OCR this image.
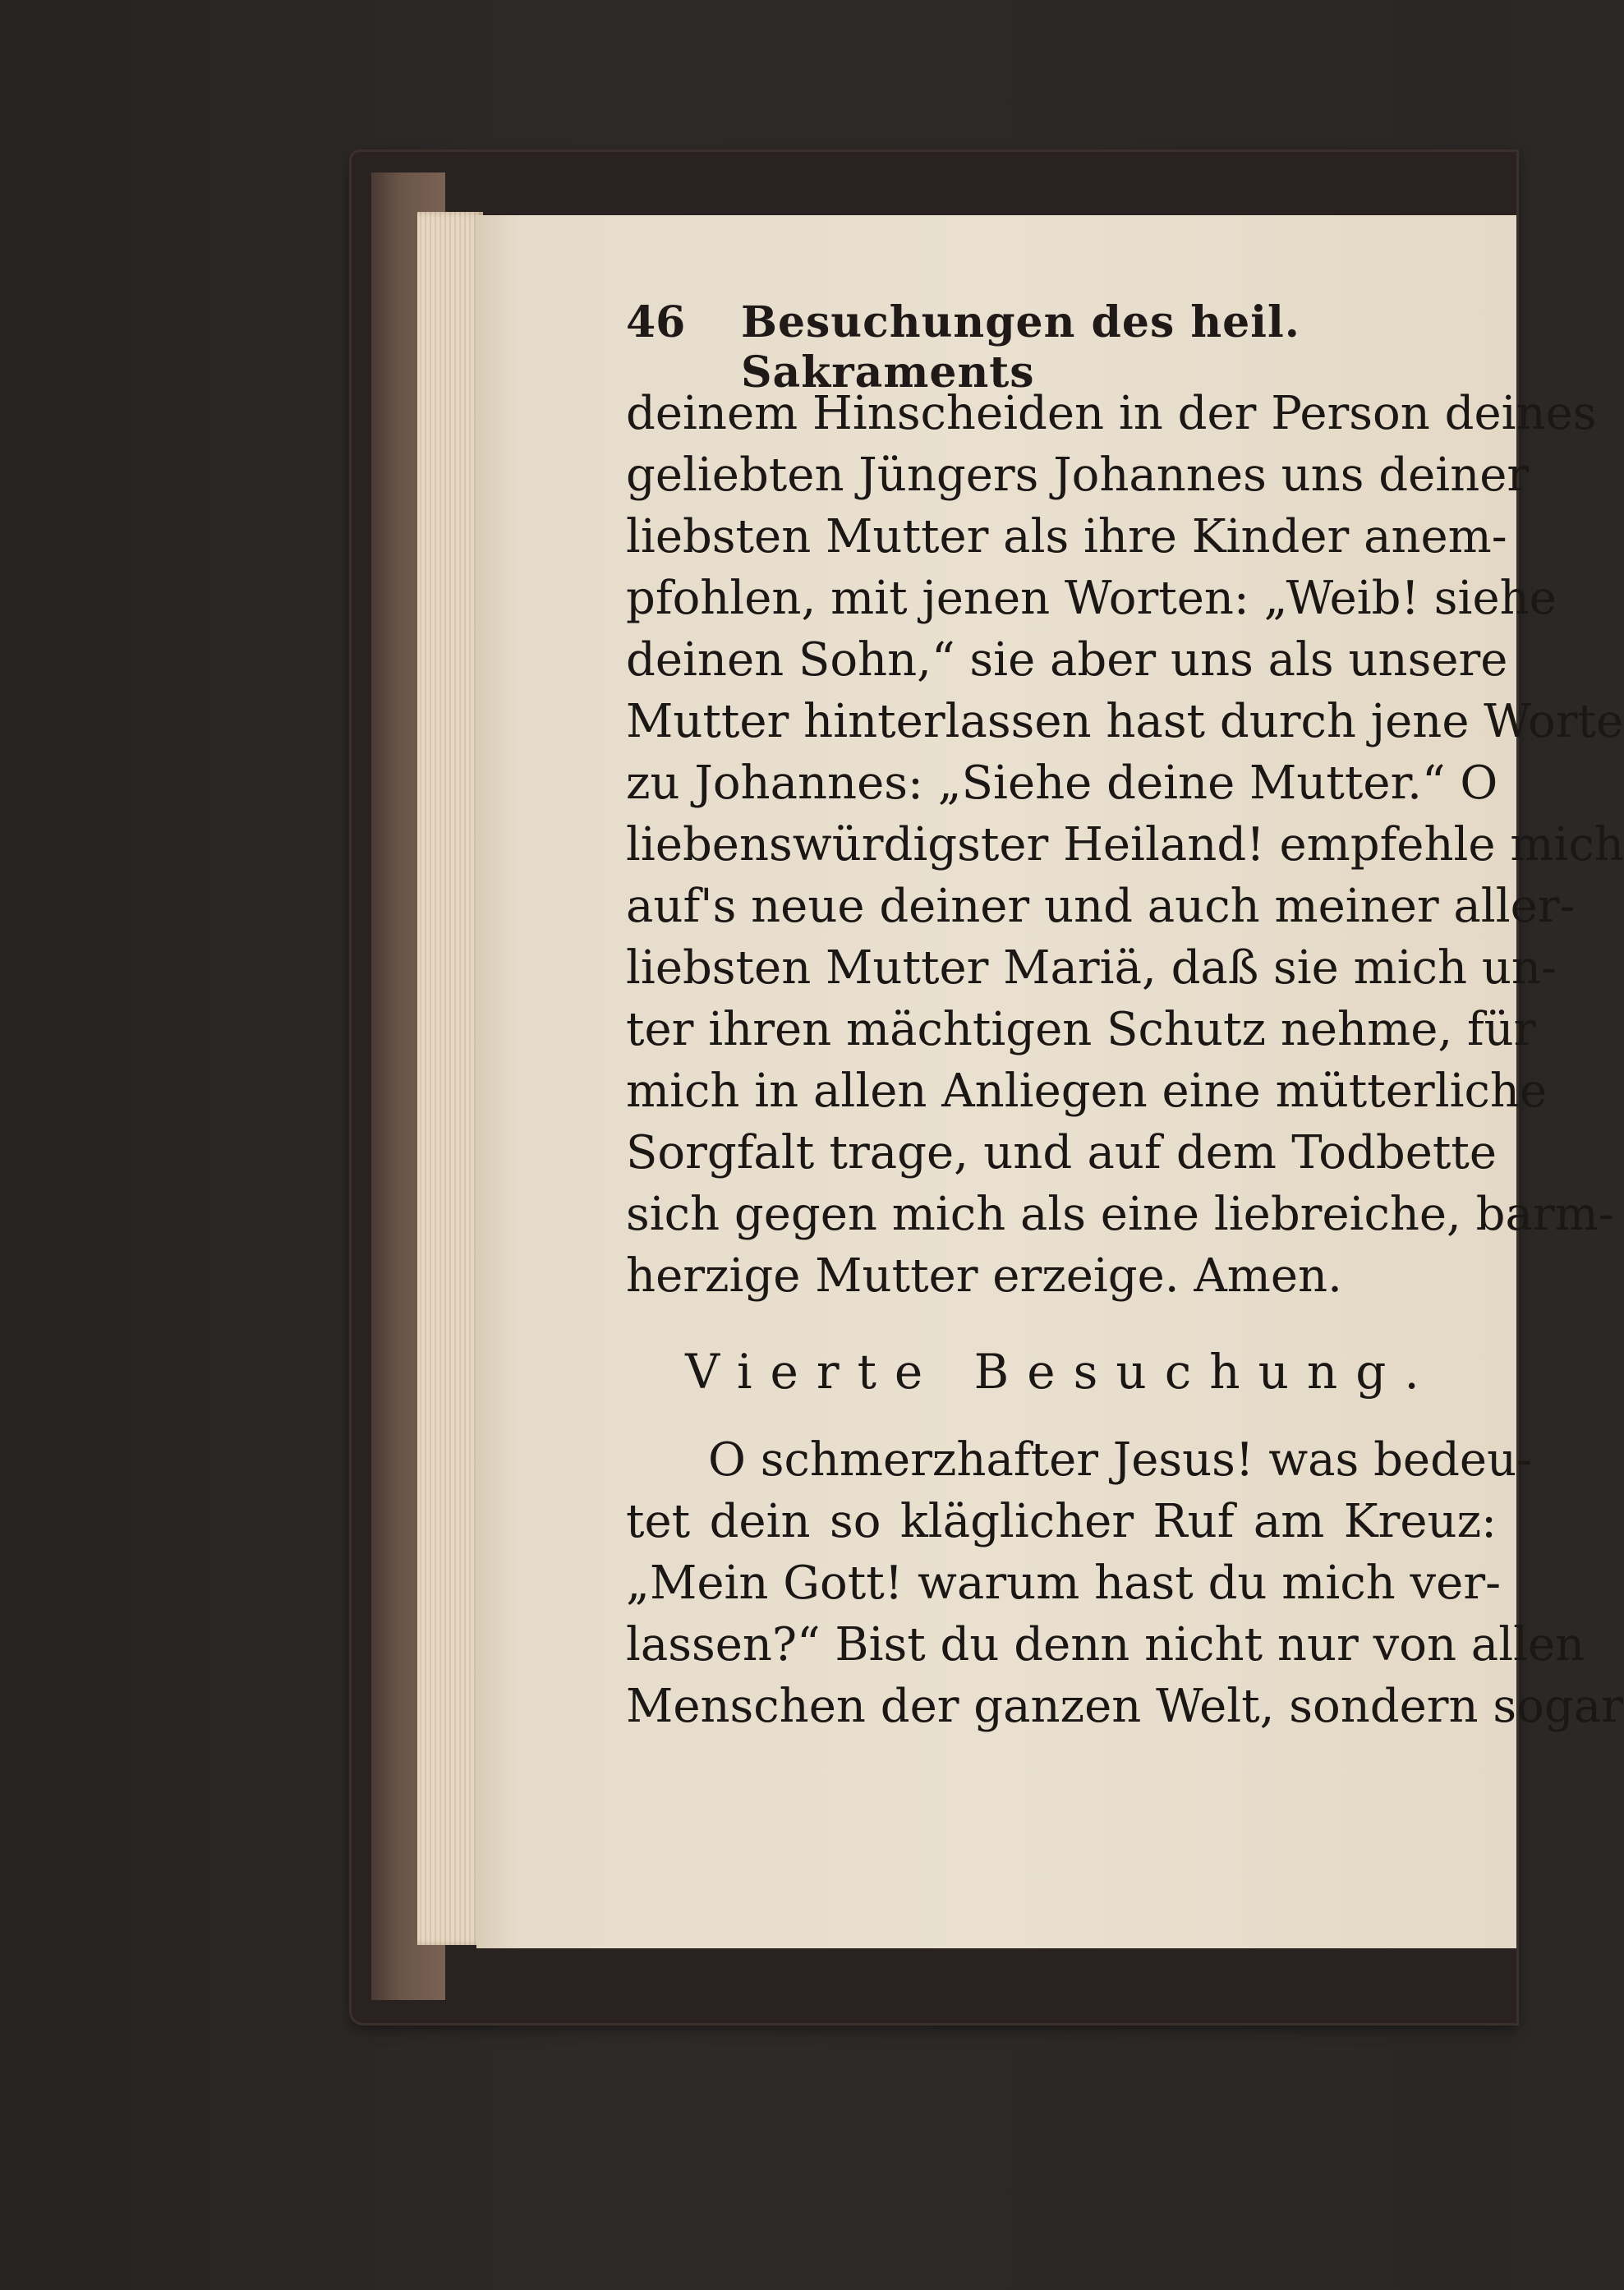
46 Besuchungen des heil. Sakraments
deinem Hinscheiden in der Person deines
geliebten Jüngers Johannes uns deiner
liebsten Mutter als ihre Kinder anem-
pfohlen, mit jenen Worten: „Weib! siehe
deinen Sohn,“ sie aber uns als unsere
Mutter hinterlassen hast durch jene Worte
zu Johannes: „Siehe deine Mutter.“ O
liebenswürdigster Heiland! empfehle mich
auf's neue deiner und auch meiner aller-
liebsten Mutter Mariä, daß sie mich un-
ter ihren mächtigen Schutz nehme, für
mich in allen Anliegen eine mütterliche
Sorgfalt trage, und auf dem Todbette
sich gegen mich als eine liebreiche, barm-
herzige Mutter erzeige. Amen.
Vierte Besuchung.
O schmerzhafter Jesus! was bedeu-
tet dein so kläglicher Ruf am Kreuz:
„Mein Gott! warum hast du mich ver-
lassen?“ Bist du denn nicht nur von allen
Menschen der ganzen Welt, sondern sogar
